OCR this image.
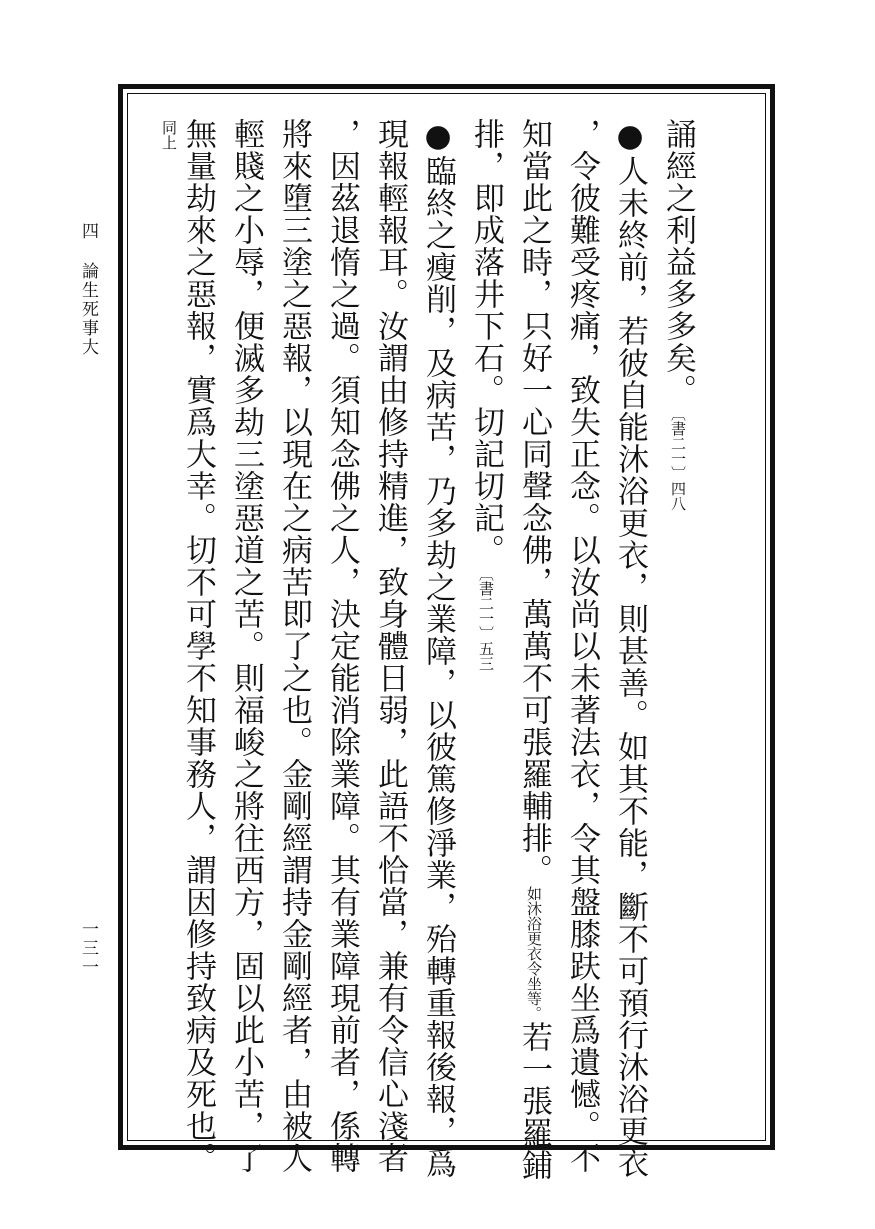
四
論生死事大
一三一
誦經之利益多多矣。〔書二一〕四八
●人未終前，若彼自能沐浴更衣，則甚善。如其不能，斷不可預行沐浴更衣
，令彼難受疼痛，致失正念。以汝尚以未著法衣，令其盤膝趺坐爲遺憾。不
知當此之時，只好一心同聲念佛，萬萬不可張羅輔排。如沐浴更衣令坐等。若一張羅鋪
排，即成落井下石。切記切記。〔書二一〕五三
●臨終之瘦削，及病苦，乃多劫之業障，以彼篤修淨業，殆轉重報後報，爲
現報輕報耳。汝謂由修持精進，致身體日弱，此語不恰當，兼有令信心淺者
，因茲退惰之過。須知念佛之人，決定能消除業障。其有業障現前者，係轉
將來墮三塗之惡報，以現在之病苦即了之也。金剛經謂持金剛經者，由被人
輕賤之小辱，便滅多劫三塗惡道之苦。則福峻之將往西方，固以此小苦，了
無量劫來之惡報，實爲大幸。切不可學不知事務人，謂因修持致病及死也。
同上
